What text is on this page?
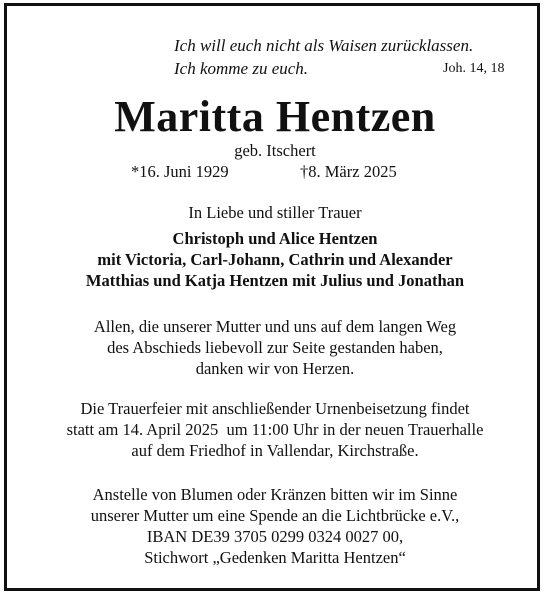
Ich will euch nicht als Waisen zurücklassen.
Ich komme zu euch.	Joh. 14, 18
Maritta Hentzen
geb. Itschert
*16. Juni 1929	†8. März 2025
In Liebe und stiller Trauer
Christoph und Alice Hentzen
mit Victoria, Carl-Johann, Cathrin und Alexander
Matthias und Katja Hentzen mit Julius und Jonathan
Allen, die unserer Mutter und uns auf dem langen Weg
des Abschieds liebevoll zur Seite gestanden haben,
danken wir von Herzen.
Die Trauerfeier mit anschließender Urnenbeisetzung findet
statt am 14. April 2025  um 11:00 Uhr in der neuen Trauerhalle
auf dem Friedhof in Vallendar, Kirchstraße.
Anstelle von Blumen oder Kränzen bitten wir im Sinne
unserer Mutter um eine Spende an die Lichtbrücke e.V.,
IBAN DE39 3705 0299 0324 0027 00,
Stichwort „Gedenken Maritta Hentzen“
